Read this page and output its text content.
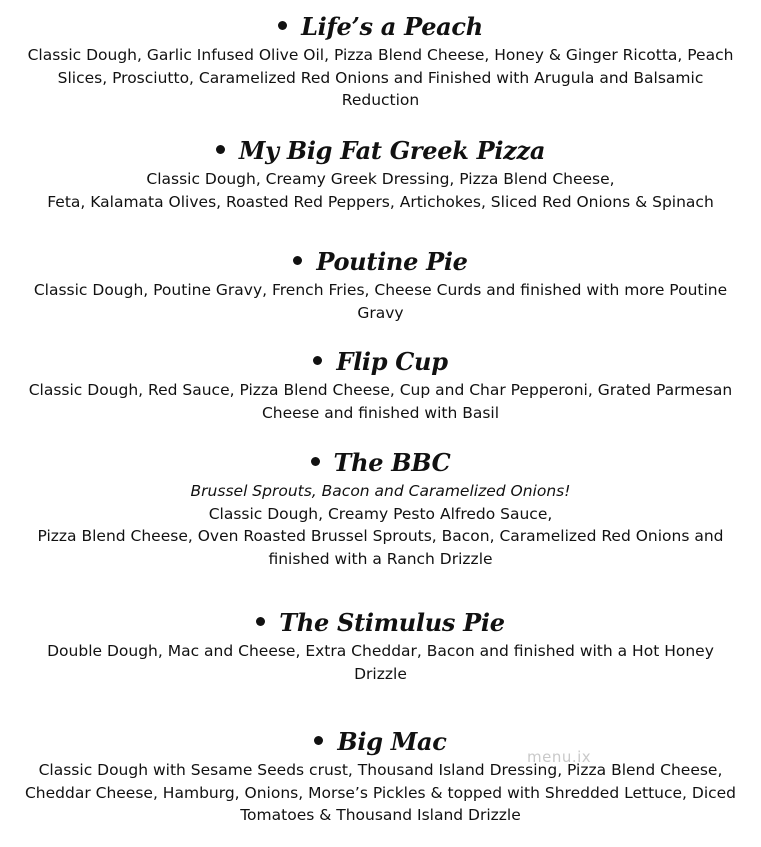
Life’s a Peach
Classic Dough, Garlic Infused Olive Oil, Pizza Blend Cheese, Honey & Ginger Ricotta, Peach
Slices, Prosciutto, Caramelized Red Onions and Finished with Arugula and Balsamic
Reduction
My Big Fat Greek Pizza
Classic Dough, Creamy Greek Dressing, Pizza Blend Cheese,
Feta, Kalamata Olives, Roasted Red Peppers, Artichokes, Sliced Red Onions & Spinach
Poutine Pie
Classic Dough, Poutine Gravy, French Fries, Cheese Curds and finished with more Poutine
Gravy
Flip Cup
Classic Dough, Red Sauce, Pizza Blend Cheese, Cup and Char Pepperoni, Grated Parmesan
Cheese and finished with Basil
The BBC
Brussel Sprouts, Bacon and Caramelized Onions!
Classic Dough, Creamy Pesto Alfredo Sauce,
Pizza Blend Cheese, Oven Roasted Brussel Sprouts, Bacon, Caramelized Red Onions and
finished with a Ranch Drizzle
The Stimulus Pie
Double Dough, Mac and Cheese, Extra Cheddar, Bacon and finished with a Hot Honey
Drizzle
Big Mac
Classic Dough with Sesame Seeds crust, Thousand Island Dressing, Pizza Blend Cheese,
Cheddar Cheese, Hamburg, Onions, Morse’s Pickles & topped with Shredded Lettuce, Diced
Tomatoes & Thousand Island Drizzle
menu.ix
